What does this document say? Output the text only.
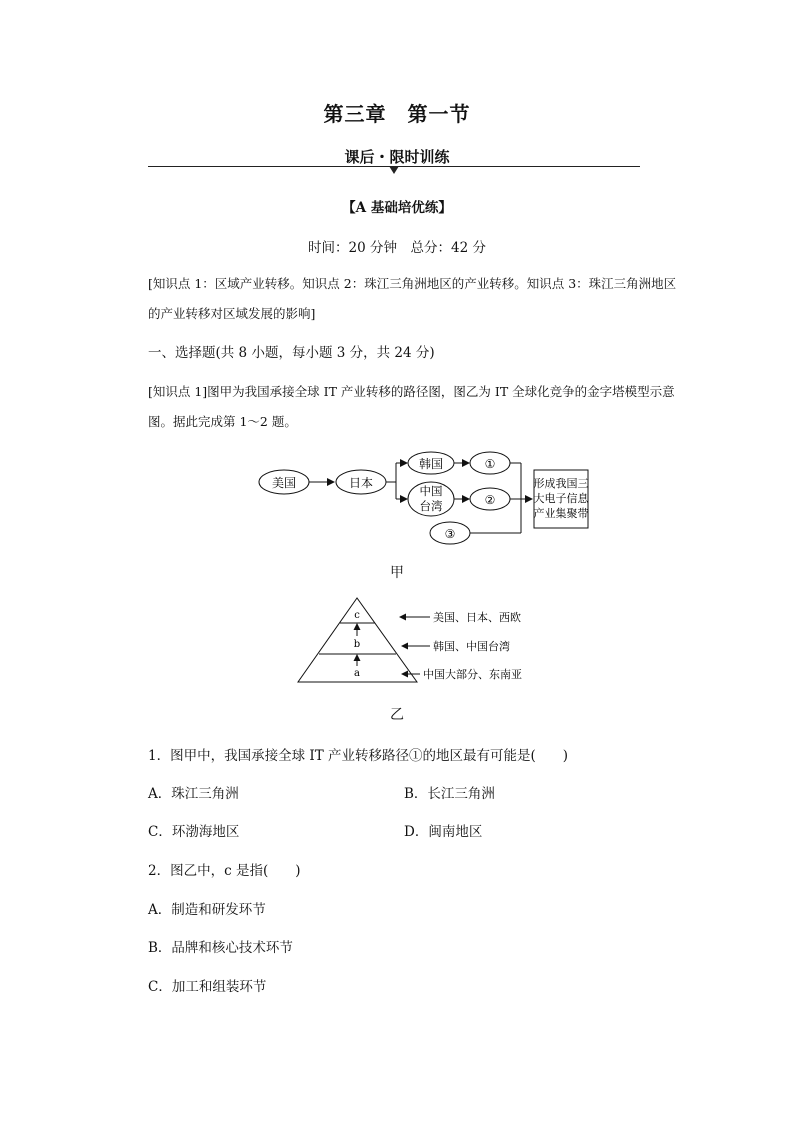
第三章　第一节
课后・限时训练
【A 基础培优练】
时间：20 分钟　总分：42 分
[知识点 1：区域产业转移。知识点 2：珠江三角洲地区的产业转移。知识点 3：珠江三角洲地区的产业转移对区域发展的影响]
一、选择题(共 8 小题，每小题 3 分，共 24 分)
[知识点 1]图甲为我国承接全球 IT 产业转移的路径图，图乙为 IT 全球化竞争的金字塔模型示意图。据此完成第 1～2 题。
美国	日本
韩国
中国
台湾
①
②
③
形成我国三
大电子信息
产业集聚带
甲
c
b
a
美国、日本、西欧
韩国、中国台湾
中国大部分、东南亚
乙
1．图甲中，我国承接全球 IT 产业转移路径①的地区最有可能是(　　)
A．珠江三角洲	B．长江三角洲
C．环渤海地区	D．闽南地区
2．图乙中，c 是指(　　)
A．制造和研发环节
B．品牌和核心技术环节
C．加工和组装环节
